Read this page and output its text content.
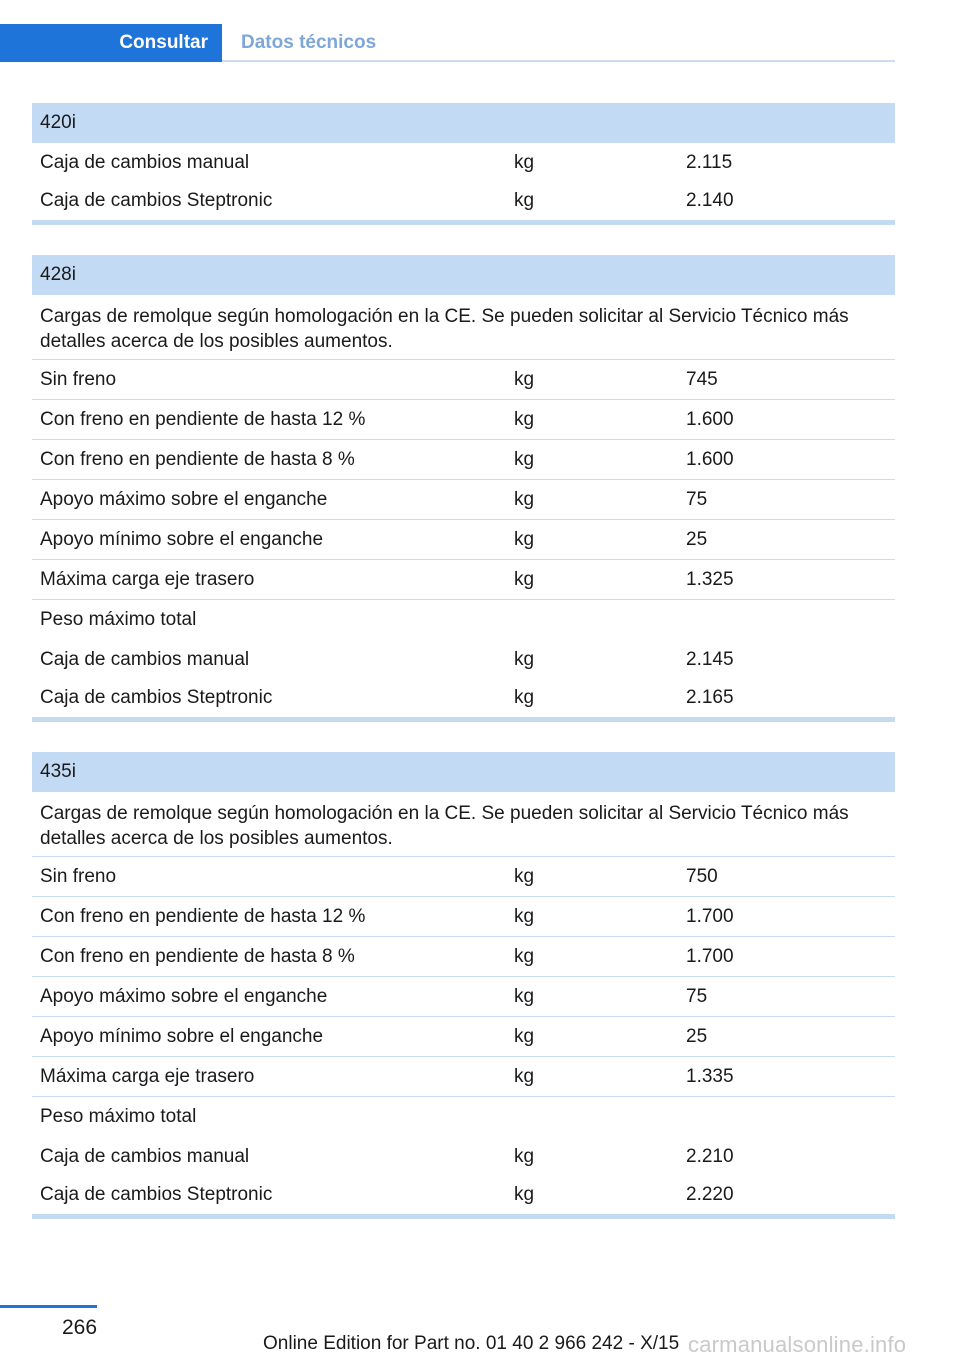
Consultar	Datos técnicos
420i
Caja de cambios manual	kg	2.115
Caja de cambios Steptronic	kg	2.140
428i
Cargas de remolque según homologación en la CE. Se pueden solicitar al Servicio Técnico más detalles acerca de los posibles aumentos.
Sin freno	kg	745
Con freno en pendiente de hasta 12 %	kg	1.600
Con freno en pendiente de hasta 8 %	kg	1.600
Apoyo máximo sobre el enganche	kg	75
Apoyo mínimo sobre el enganche	kg	25
Máxima carga eje trasero	kg	1.325
Peso máximo total
Caja de cambios manual	kg	2.145
Caja de cambios Steptronic	kg	2.165
435i
Cargas de remolque según homologación en la CE. Se pueden solicitar al Servicio Técnico más detalles acerca de los posibles aumentos.
Sin freno	kg	750
Con freno en pendiente de hasta 12 %	kg	1.700
Con freno en pendiente de hasta 8 %	kg	1.700
Apoyo máximo sobre el enganche	kg	75
Apoyo mínimo sobre el enganche	kg	25
Máxima carga eje trasero	kg	1.335
Peso máximo total
Caja de cambios manual	kg	2.210
Caja de cambios Steptronic	kg	2.220
266
Online Edition for Part no. 01 40 2 966 242 - X/15 carmanualsonline.info
